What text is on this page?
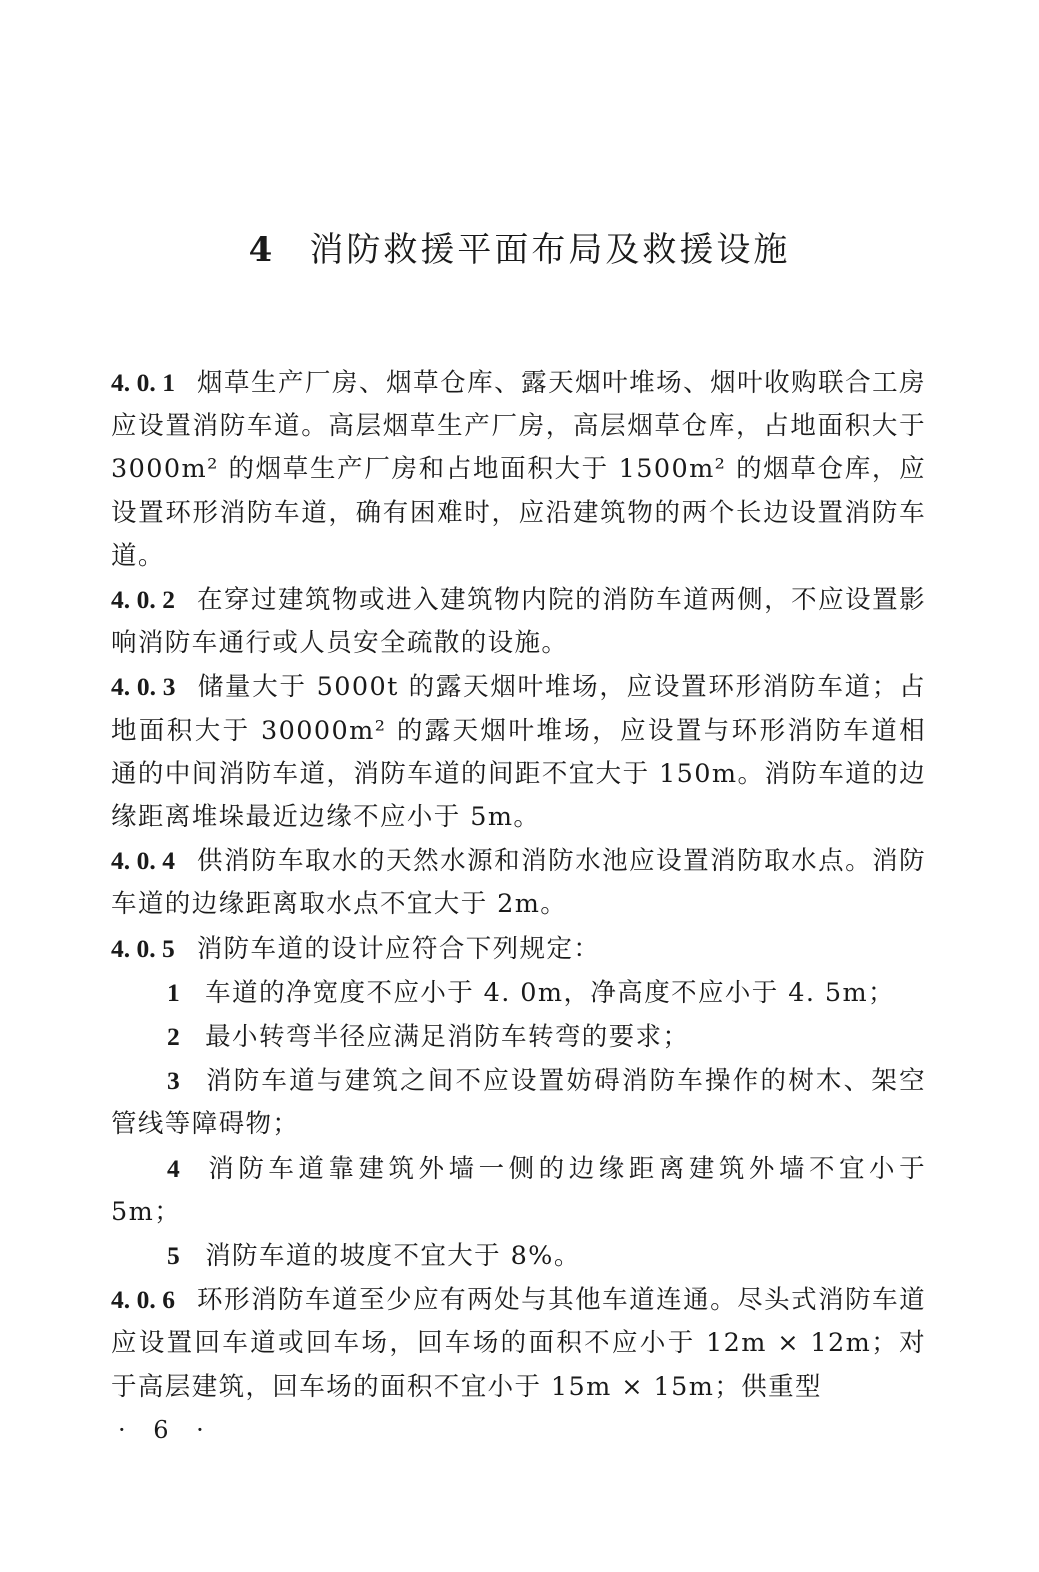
4 消防救援平面布局及救援设施

4. 0. 1 烟草生产厂房、烟草仓库、露天烟叶堆场、烟叶收购联合工房应设置消防车道。高层烟草生产厂房，高层烟草仓库，占地面积大于 3000m² 的烟草生产厂房和占地面积大于 1500m² 的烟草仓库，应设置环形消防车道，确有困难时，应沿建筑物的两个长边设置消防车道。

4. 0. 2 在穿过建筑物或进入建筑物内院的消防车道两侧，不应设置影响消防车通行或人员安全疏散的设施。

4. 0. 3 储量大于 5000t 的露天烟叶堆场，应设置环形消防车道；占地面积大于 30000m² 的露天烟叶堆场，应设置与环形消防车道相通的中间消防车道，消防车道的间距不宜大于 150m。消防车道的边缘距离堆垛最近边缘不应小于 5m。

4. 0. 4 供消防车取水的天然水源和消防水池应设置消防取水点。消防车道的边缘距离取水点不宜大于 2m。

4. 0. 5 消防车道的设计应符合下列规定：

1 车道的净宽度不应小于 4. 0m，净高度不应小于 4. 5m；

2 最小转弯半径应满足消防车转弯的要求；

3 消防车道与建筑之间不应设置妨碍消防车操作的树木、架空管线等障碍物；

4 消防车道靠建筑外墙一侧的边缘距离建筑外墙不宜小于 5m；

5 消防车道的坡度不宜大于 8%。

4. 0. 6 环形消防车道至少应有两处与其他车道连通。尽头式消防车道应设置回车道或回车场，回车场的面积不应小于 12m × 12m；对于高层建筑，回车场的面积不宜小于 15m × 15m；供重型

· 6 ·
